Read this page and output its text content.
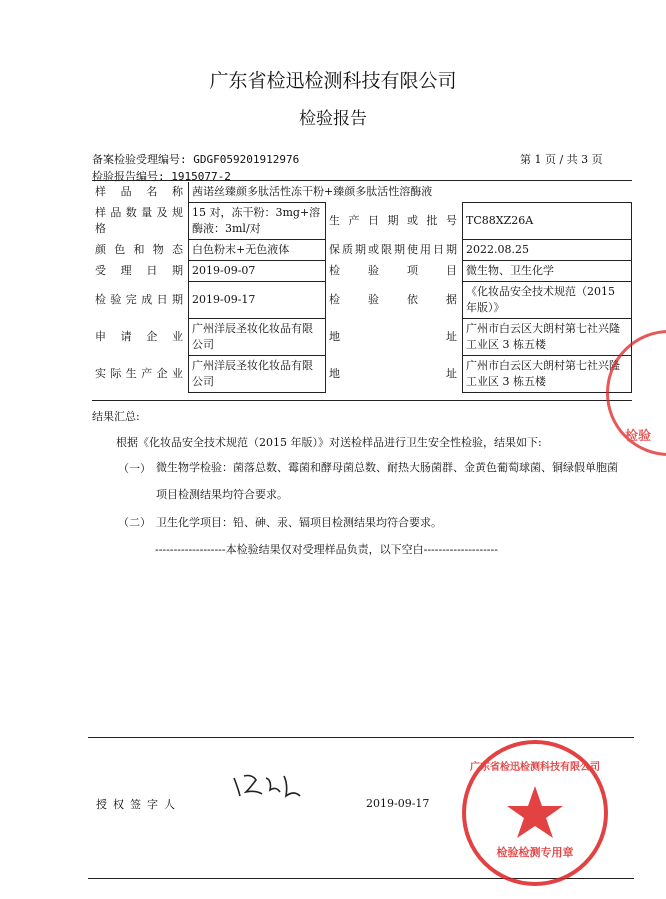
广东省检迅检测科技有限公司
检验报告
备案检验受理编号: GDGF059201912976
检验报告编号: 1915077-2
第 1 页 / 共 3 页
样品名称	茜诺丝臻颜多肽活性冻干粉+臻颜多肽活性溶酶液		
样品数量及规格	15 对，冻干粉：3mg+溶酶液：3ml/对	生产日期或批号	TC88XZ26A
颜色和物态	白色粉末+无色液体	保质期或限期使用日期	2022.08.25
受理日期	2019-09-07	检验项目	微生物、卫生化学
检验完成日期	2019-09-17	检验依据	《化妆品安全技术规范（2015 年版）》
申请企业	广州洋辰圣妆化妆品有限公司	地址	广州市白云区大朗村第七社兴隆工业区 3 栋五楼
实际生产企业	广州洋辰圣妆化妆品有限公司	地址	广州市白云区大朗村第七社兴隆工业区 3 栋五楼
结果汇总:
根据《化妆品安全技术规范（2015 年版）》对送检样品进行卫生安全性检验，结果如下:
（一） 微生物学检验：菌落总数、霉菌和酵母菌总数、耐热大肠菌群、金黄色葡萄球菌、铜绿假单胞菌项目检测结果均符合要求。
（二） 卫生化学项目：铅、砷、汞、镉项目检测结果均符合要求。
-------------------本检验结果仅对受理样品负责，以下空白--------------------
授权签字人	2019-09-17
广东省检迅检测科技有限公司
检验检测专用章
检验
